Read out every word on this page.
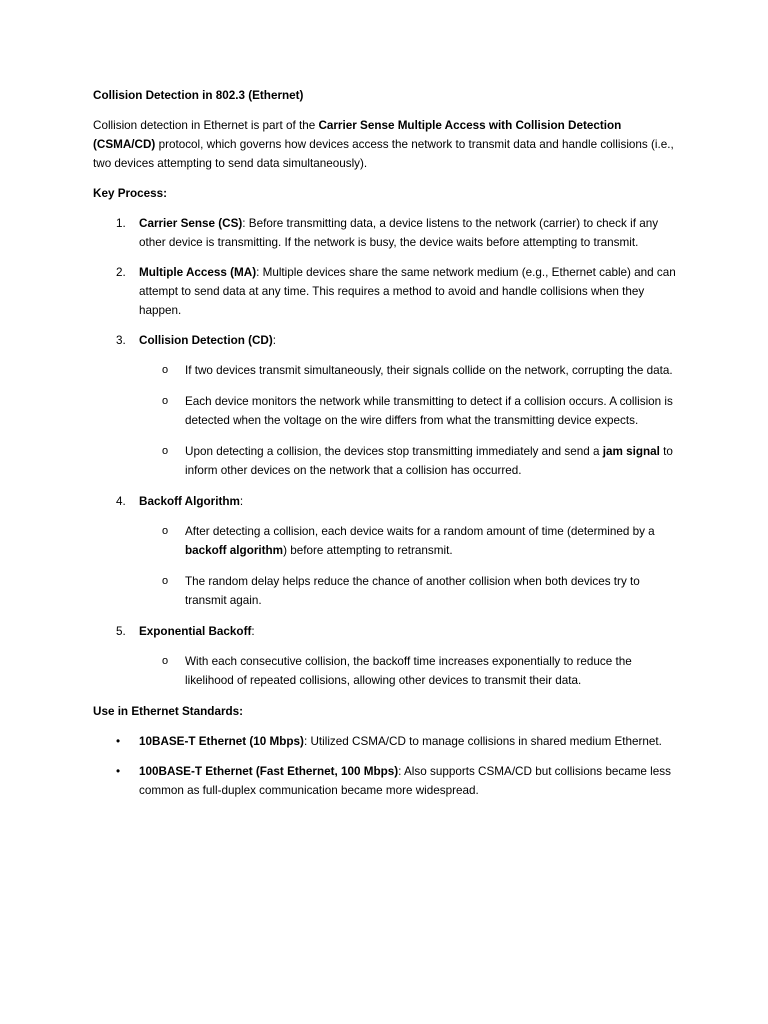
Collision Detection in 802.3 (Ethernet)
Collision detection in Ethernet is part of the Carrier Sense Multiple Access with Collision Detection (CSMA/CD) protocol, which governs how devices access the network to transmit data and handle collisions (i.e., two devices attempting to send data simultaneously).
Key Process:
1. Carrier Sense (CS): Before transmitting data, a device listens to the network (carrier) to check if any other device is transmitting. If the network is busy, the device waits before attempting to transmit.
2. Multiple Access (MA): Multiple devices share the same network medium (e.g., Ethernet cable) and can attempt to send data at any time. This requires a method to avoid and handle collisions when they happen.
3. Collision Detection (CD):
o If two devices transmit simultaneously, their signals collide on the network, corrupting the data.
o Each device monitors the network while transmitting to detect if a collision occurs. A collision is detected when the voltage on the wire differs from what the transmitting device expects.
o Upon detecting a collision, the devices stop transmitting immediately and send a jam signal to inform other devices on the network that a collision has occurred.
4. Backoff Algorithm:
o After detecting a collision, each device waits for a random amount of time (determined by a backoff algorithm) before attempting to retransmit.
o The random delay helps reduce the chance of another collision when both devices try to transmit again.
5. Exponential Backoff:
o With each consecutive collision, the backoff time increases exponentially to reduce the likelihood of repeated collisions, allowing other devices to transmit their data.
Use in Ethernet Standards:
• 10BASE-T Ethernet (10 Mbps): Utilized CSMA/CD to manage collisions in shared medium Ethernet.
• 100BASE-T Ethernet (Fast Ethernet, 100 Mbps): Also supports CSMA/CD but collisions became less common as full-duplex communication became more widespread.
